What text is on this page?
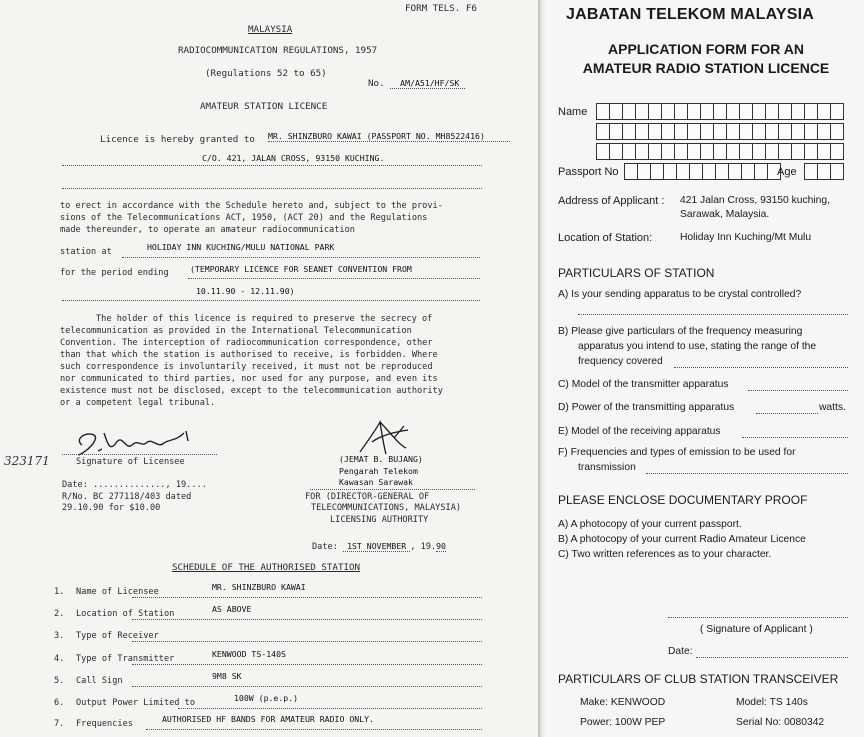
FORM TELS. F6
MALAYSIA
RADIOCOMMUNICATION REGULATIONS, 1957
(Regulations 52 to 65)
No. AM/A51/HF/SK
AMATEUR STATION LICENCE
Licence is hereby granted to MR. SHINZBURO KAWAI (PASSPORT NO. MH8522416)
C/O. 421, JALAN CROSS, 93150 KUCHING.
to erect in accordance with the Schedule hereto and, subject to the provi-
sions of the Telecommunications ACT, 1950, (ACT 20) and the Regulations
made thereunder, to operate an amateur radiocommunication
station at	HOLIDAY INN KUCHING/MULU NATIONAL PARK
for the period ending	(TEMPORARY LICENCE FOR SEANET CONVENTION FROM
10.11.90 - 12.11.90)
The holder of this licence is required to preserve the secrecy of
telecommunication as provided in the International Telecommunication
Convention. The interception of radiocommunication correspondence, other
than that which the station is authorised to receive, is forbidden. Where
such correspondence is involuntarily received, it must not be reproduced
nor communicated to third parties, nor used for any purpose, and even its
existence must not be disclosed, except to the telecommunication authority
or a competent legal tribunal.
323171	Signature of Licensee	(JEMAT B. BUJANG)
Pengarah Telekom
Kawasan Sarawak
Date: .............., 19....
R/No. BC 277118/403 dated
29.10.90 for $10.00
FOR (DIRECTOR-GENERAL OF
TELECOMMUNICATIONS, MALAYSIA)
LICENSING AUTHORITY
Date: 1ST NOVEMBER , 19.90
SCHEDULE OF THE AUTHORISED STATION
1. Name of Licensee	MR. SHINZBURO KAWAI
2. Location of Station	AS ABOVE
3. Type of Receiver
4. Type of Transmitter	KENWOOD TS-140S
5. Call Sign	9M8 SK
6. Output Power Limited to	100W (p.e.p.)
7. Frequencies	AUTHORISED HF BANDS FOR AMATEUR RADIO ONLY.
JABATAN TELEKOM MALAYSIA
APPLICATION FORM FOR AN
AMATEUR RADIO STATION LICENCE
Name
Passport No	Age
Address of Applicant : 421 Jalan Cross, 93150 kuching,
Sarawak, Malaysia.
Location of Station:	Holiday Inn Kuching/Mt Mulu
PARTICULARS OF STATION
A) Is your sending apparatus to be crystal controlled?
B) Please give particulars of the frequency measuring
apparatus you intend to use, stating the range of the
frequency covered
C) Model of the transmitter apparatus
D) Power of the transmitting apparatus	watts.
E) Model of the receiving apparatus
F) Frequencies and types of emission to be used for
transmission
PLEASE ENCLOSE DOCUMENTARY PROOF
A) A photocopy of your current passport.
B) A photocopy of your current Radio Amateur Licence
C) Two written references as to your character.
( Signature of Applicant )
Date:
PARTICULARS OF CLUB STATION TRANSCEIVER
Make: KENWOOD	Model: TS 140s
Power: 100W PEP	Serial No: 0080342
